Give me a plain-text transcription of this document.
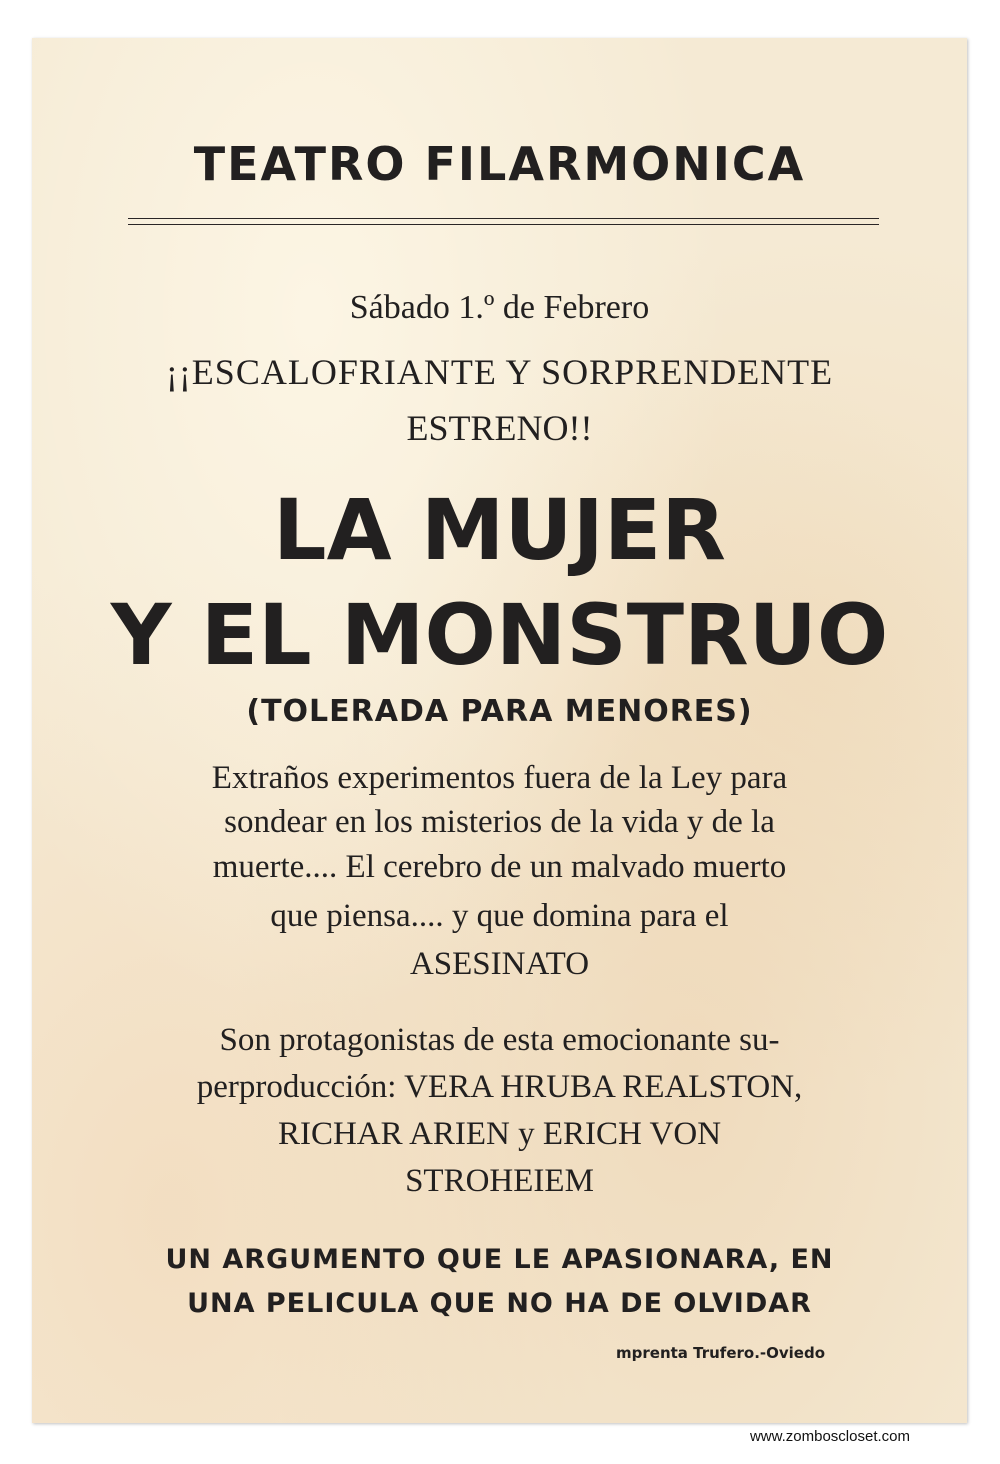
TEATRO FILARMONICA
Sábado 1.º de Febrero
¡¡ESCALOFRIANTE Y SORPRENDENTE
ESTRENO!!
LA MUJER
Y EL MONSTRUO
(TOLERADA PARA MENORES)
Extraños experimentos fuera de la Ley para
sondear en los misterios de la vida y de la
muerte.... El cerebro de un malvado muerto
que piensa.... y que domina para el
ASESINATO
Son protagonistas de esta emocionante su-
perproducción: VERA HRUBA REALSTON,
RICHAR ARIEN y ERICH VON
STROHEIEM
UN ARGUMENTO QUE LE APASIONARA, EN
UNA PELICULA QUE NO HA DE OLVIDAR
mprenta Trufero.-Oviedo
www.zomboscloset.com
